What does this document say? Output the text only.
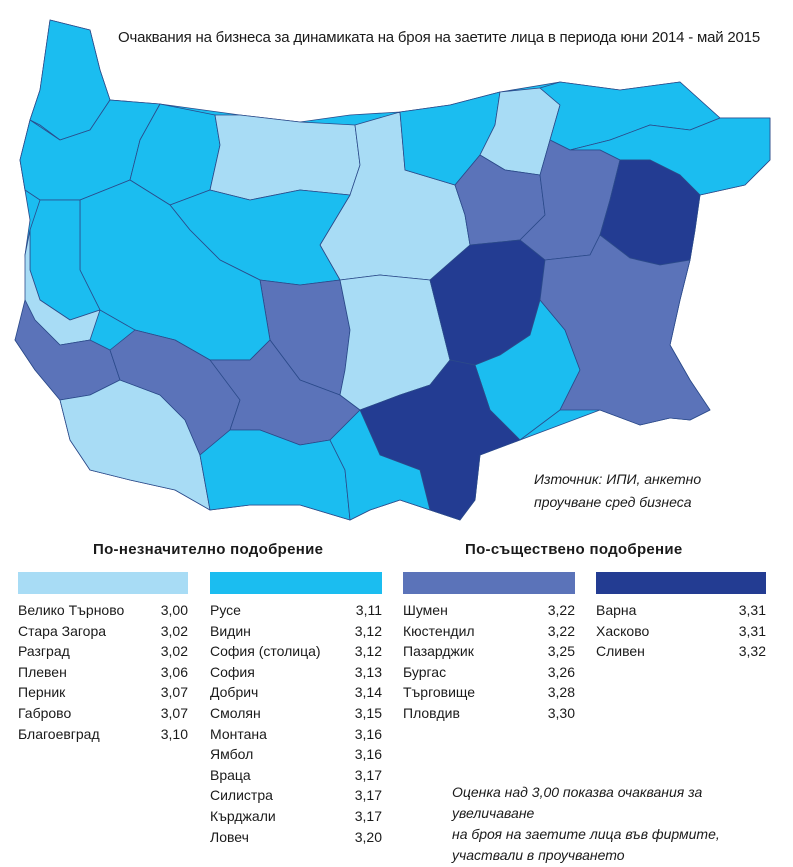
Очаквания на бизнеса за динамиката на броя на заетите лица в периода юни 2014 - май 2015
Източник: ИПИ, анкетно
проучване сред бизнеса
По-незначително подобрение	По-съществено подобрение
Велико Търново	3,00
Стара Загора	3,02
Разград	3,02
Плевен	3,06
Перник	3,07
Габрово	3,07
Благоевград	3,10
Русе	3,11
Видин	3,12
София (столица) 3,12
София	3,13
Добрич	3,14
Смолян	3,15
Монтана	3,16
Ямбол	3,16
Враца	3,17
Силистра	3,17
Кърджали	3,17
Ловеч	3,20
Шумен	3,22
Кюстендил	3,22
Пазарджик	3,25
Бургас	3,26
Търговище	3,28
Пловдив	3,30
Варна	3,31
Хасково	3,31
Сливен	3,32
Оценка над 3,00 показва очаквания за увеличаване
на броя на заетите лица във фирмите,
участвали в проучването
